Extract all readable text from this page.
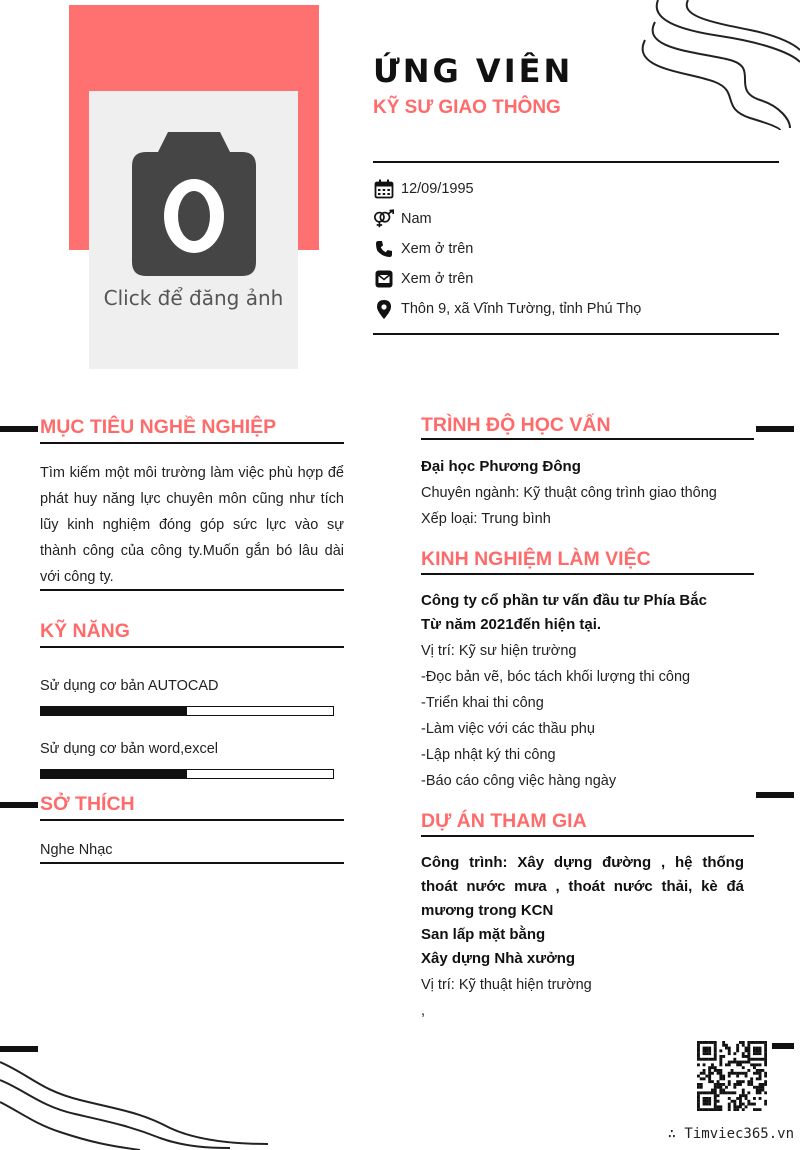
Click để đăng ảnh
ỨNG VIÊN
KỸ SƯ GIAO THÔNG
12/09/1995
Nam
Xem ở trên
Xem ở trên
Thôn 9, xã Vĩnh Tường, tỉnh Phú Thọ
MỤC TIÊU NGHỀ NGHIỆP
Tìm kiếm một môi trường làm việc phù hợp để phát huy năng lực chuyên môn cũng như tích lũy kinh nghiệm đóng góp sức lực vào sự thành công của công ty.Muốn gắn bó lâu dài với công ty.
KỸ NĂNG
Sử dụng cơ bản AUTOCAD
Sử dụng cơ bản word,excel
SỞ THÍCH
Nghe Nhạc
TRÌNH ĐỘ HỌC VẤN
Đại học Phương Đông
Chuyên ngành: Kỹ thuật công trình giao thông
Xếp loại: Trung bình
KINH NGHIỆM LÀM VIỆC
Công ty cổ phần tư vấn đầu tư Phía Bắc
Từ năm 2021đến hiện tại.
Vị trí: Kỹ sư hiện trường
-Đọc bản vẽ, bóc tách khối lượng thi công
-Triển khai thi công
-Làm việc với các thầu phụ
-Lập nhật ký thi công
-Báo cáo công việc hàng ngày
DỰ ÁN THAM GIA
Công trình: Xây dựng đường , hệ thống thoát nước mưa , thoát nước thải, kè đá mương trong KCN
San lấp mặt bằng
Xây dựng Nhà xưởng
Vị trí: Kỹ thuật hiện trường
,
∴ Timviec365.vn
